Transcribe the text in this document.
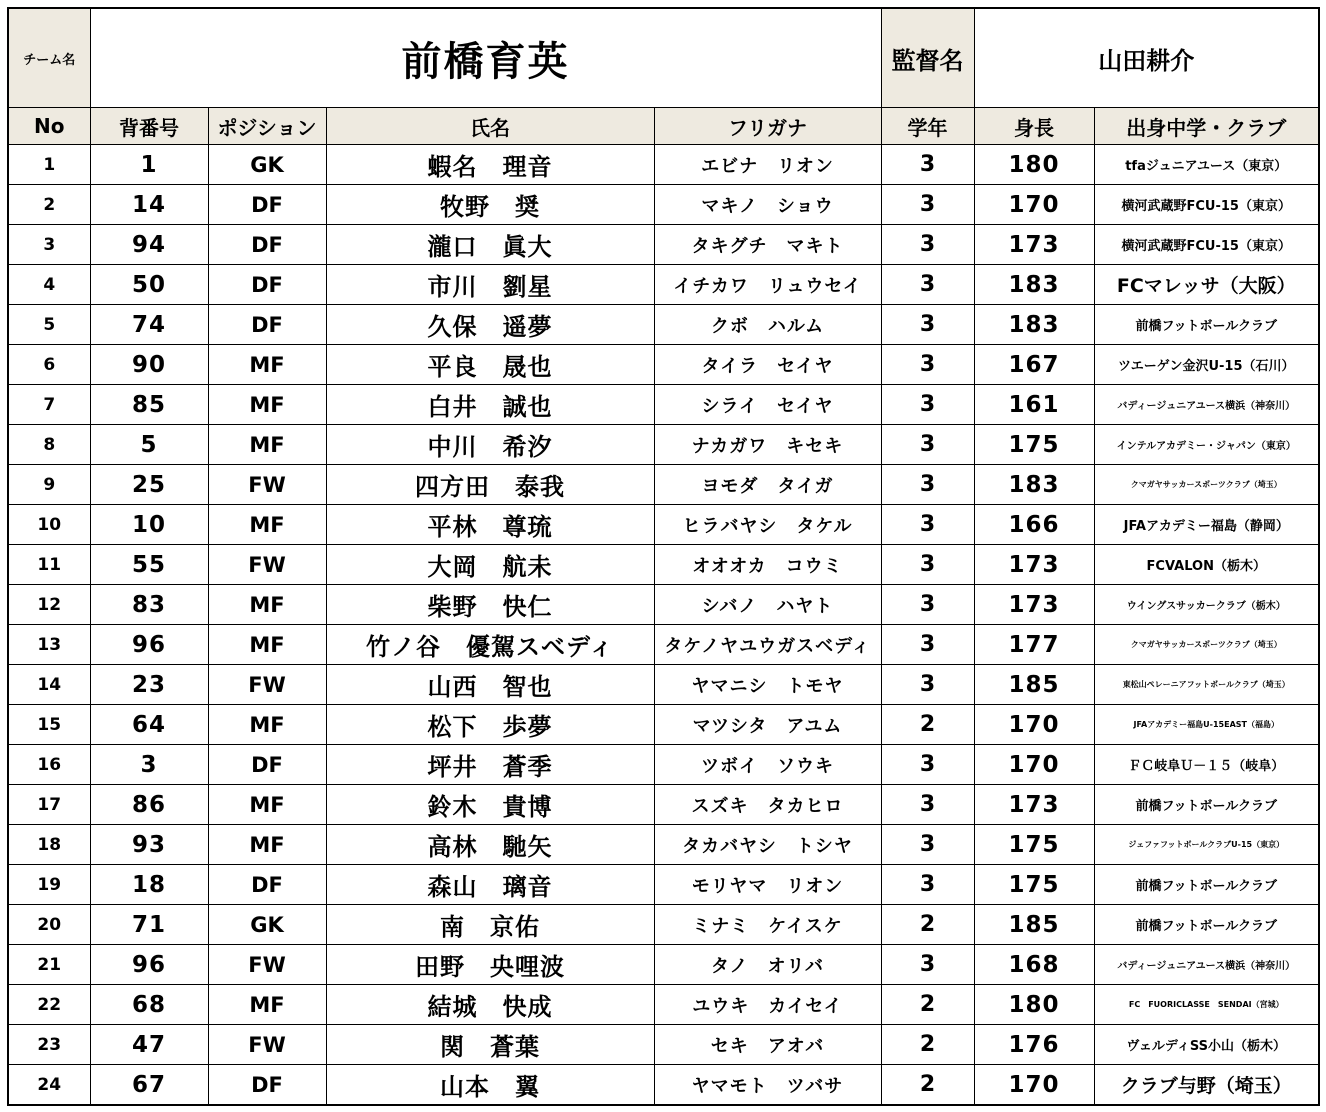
チーム名	前橋育英				監督名	山田耕介	
No	背番号	ポジション	氏名	フリガナ	学年	身長	出身中学・クラブ
1	1	GK	蝦名　理音	エビナ　リオン	3	180	tfaジュニアユース（東京）
2	14	DF	牧野　奨	マキノ　ショウ	3	170	横河武蔵野FCU-15（東京）
3	94	DF	瀧口　眞大	タキグチ　マキト	3	173	横河武蔵野FCU-15（東京）
4	50	DF	市川　劉星	イチカワ　リュウセイ	3	183	FCマレッサ（大阪）
5	74	DF	久保　遥夢	クボ　ハルム	3	183	前橋フットボールクラブ
6	90	MF	平良　晟也	タイラ　セイヤ	3	167	ツエーゲン金沢U-15（石川）
7	85	MF	白井　誠也	シライ　セイヤ	3	161	バディージュニアユース横浜（神奈川）
8	5	MF	中川　希汐	ナカガワ　キセキ	3	175	インテルアカデミー・ジャパン（東京）
9	25	FW	四方田　泰我	ヨモダ　タイガ	3	183	クマガヤサッカースポーツクラブ（埼玉）
10	10	MF	平林　尊琉	ヒラバヤシ　タケル	3	166	JFAアカデミー福島（静岡）
11	55	FW	大岡　航未	オオオカ　コウミ	3	173	FCVALON（栃木）
12	83	MF	柴野　快仁	シバノ　ハヤト	3	173	ウイングスサッカークラブ（栃木）
13	96	MF	竹ノ谷　優駕スベディ	タケノヤユウガスベディ	3	177	クマガヤサッカースポーツクラブ（埼玉）
14	23	FW	山西　智也	ヤマニシ　トモヤ	3	185	東松山ペレーニアフットボールクラブ（埼玉）
15	64	MF	松下　歩夢	マツシタ　アユム	2	170	JFAアカデミー福島U-15EAST（福島）
16	3	DF	坪井　蒼季	ツボイ　ソウキ	3	170	ＦＣ岐阜Ｕ－１５（岐阜）
17	86	MF	鈴木　貴博	スズキ　タカヒロ	3	173	前橋フットボールクラブ
18	93	MF	高林　馳矢	タカバヤシ　トシヤ	3	175	ジェファフットボールクラブU-15（東京）
19	18	DF	森山　璃音	モリヤマ　リオン	3	175	前橋フットボールクラブ
20	71	GK	南　京佑	ミナミ　ケイスケ	2	185	前橋フットボールクラブ
21	96	FW	田野　央哩波	タノ　オリバ	3	168	バディージュニアユース横浜（神奈川）
22	68	MF	結城　快成	ユウキ　カイセイ	2	180	FC　FUORICLASSE　SENDAI（宮城）
23	47	FW	関　蒼葉	セキ　アオバ	2	176	ヴェルディSS小山（栃木）
24	67	DF	山本　翼	ヤマモト　ツバサ	2	170	クラブ与野（埼玉）
